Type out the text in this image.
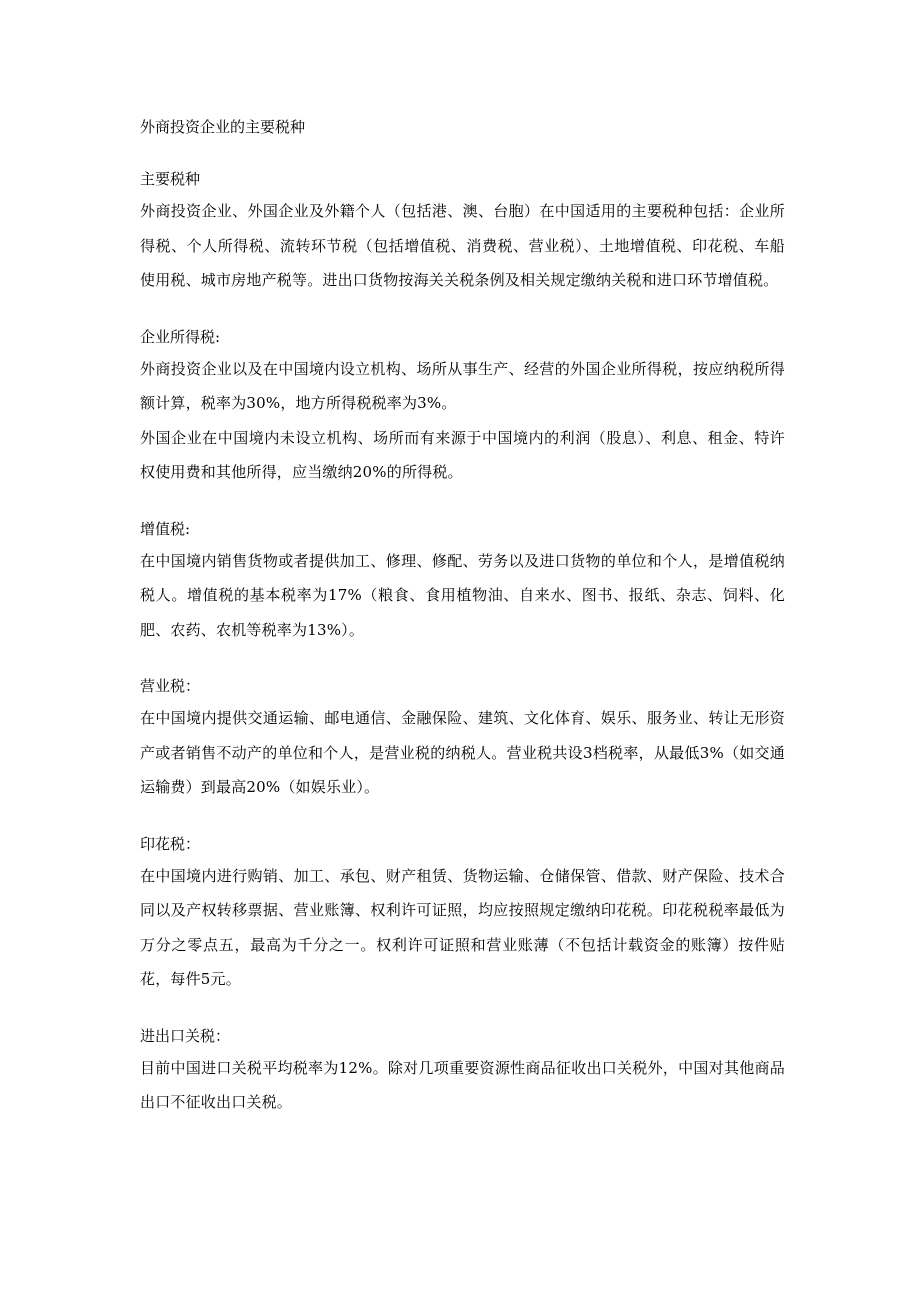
外商投资企业的主要税种
主要税种

外商投资企业、外国企业及外籍个人（包括港、澳、台胞）在中国适用的主要税种包括：企业所得税、个人所得税、流转环节税（包括增值税、消费税、营业税）、土地增值税、印花税、车船使用税、城市房地产税等。进出口货物按海关关税条例及相关规定缴纳关税和进口环节增值税。

企业所得税:

外商投资企业以及在中国境内设立机构、场所从事生产、经营的外国企业所得税，按应纳税所得额计算，税率为30%，地方所得税税率为3%。

外国企业在中国境内未设立机构、场所而有来源于中国境内的利润（股息）、利息、租金、特许权使用费和其他所得，应当缴纳20%的所得税。

增值税:

在中国境内销售货物或者提供加工、修理、修配、劳务以及进口货物的单位和个人，是增值税纳税人。增值税的基本税率为17%（粮食、食用植物油、自来水、图书、报纸、杂志、饲料、化肥、农药、农机等税率为13%）。

营业税：

在中国境内提供交通运输、邮电通信、金融保险、建筑、文化体育、娱乐、服务业、转让无形资产或者销售不动产的单位和个人，是营业税的纳税人。营业税共设3档税率，从最低3%（如交通运输费）到最高20%（如娱乐业）。

印花税：

在中国境内进行购销、加工、承包、财产租赁、货物运输、仓储保管、借款、财产保险、技术合同以及产权转移票据、营业账簿、权利许可证照，均应按照规定缴纳印花税。印花税税率最低为万分之零点五，最高为千分之一。权利许可证照和营业账薄（不包括计载资金的账簿）按件贴花，每件5元。

进出口关税：

目前中国进口关税平均税率为12%。除对几项重要资源性商品征收出口关税外，中国对其他商品出口不征收出口关税。
